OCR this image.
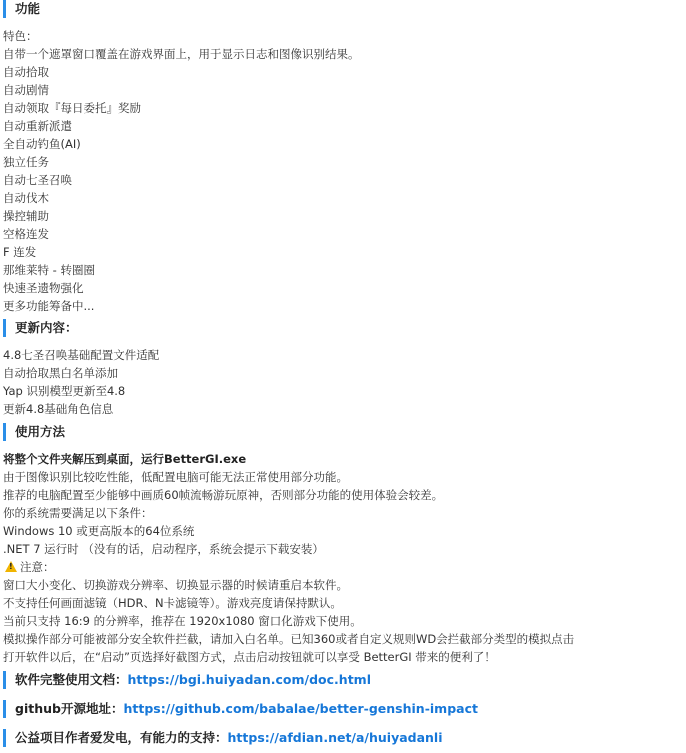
功能
特色：
自带一个遮罩窗口覆盖在游戏界面上，用于显示日志和图像识别结果。
自动拾取
自动剧情
自动领取『每日委托』奖励
自动重新派遣
全自动钓鱼(AI)
独立任务
自动七圣召唤
自动伐木
操控辅助
空格连发
F 连发
那维莱特 - 转圈圈
快速圣遗物强化
更多功能筹备中...
更新内容：
4.8七圣召唤基础配置文件适配
自动拾取黑白名单添加
Yap 识别模型更新至4.8
更新4.8基础角色信息
使用方法
将整个文件夹解压到桌面，运行BetterGI.exe
由于图像识别比较吃性能，低配置电脑可能无法正常使用部分功能。
推荐的电脑配置至少能够中画质60帧流畅游玩原神，否则部分功能的使用体验会较差。
你的系统需要满足以下条件：
Windows 10 或更高版本的64位系统
.NET 7 运行时 （没有的话，启动程序，系统会提示下载安装）
!注意：
窗口大小变化、切换游戏分辨率、切换显示器的时候请重启本软件。
不支持任何画面滤镜（HDR、N卡滤镜等）。游戏亮度请保持默认。
当前只支持 16:9 的分辨率，推荐在 1920x1080 窗口化游戏下使用。
模拟操作部分可能被部分安全软件拦截，请加入白名单。已知360或者自定义规则WD会拦截部分类型的模拟点击
打开软件以后，在“启动”页选择好截图方式，点击启动按钮就可以享受 BetterGI 带来的便利了！
软件完整使用文档：https://bgi.huiyadan.com/doc.html
github开源地址：https://github.com/babalae/better-genshin-impact
公益项目作者爱发电，有能力的支持：https://afdian.net/a/huiyadanli
